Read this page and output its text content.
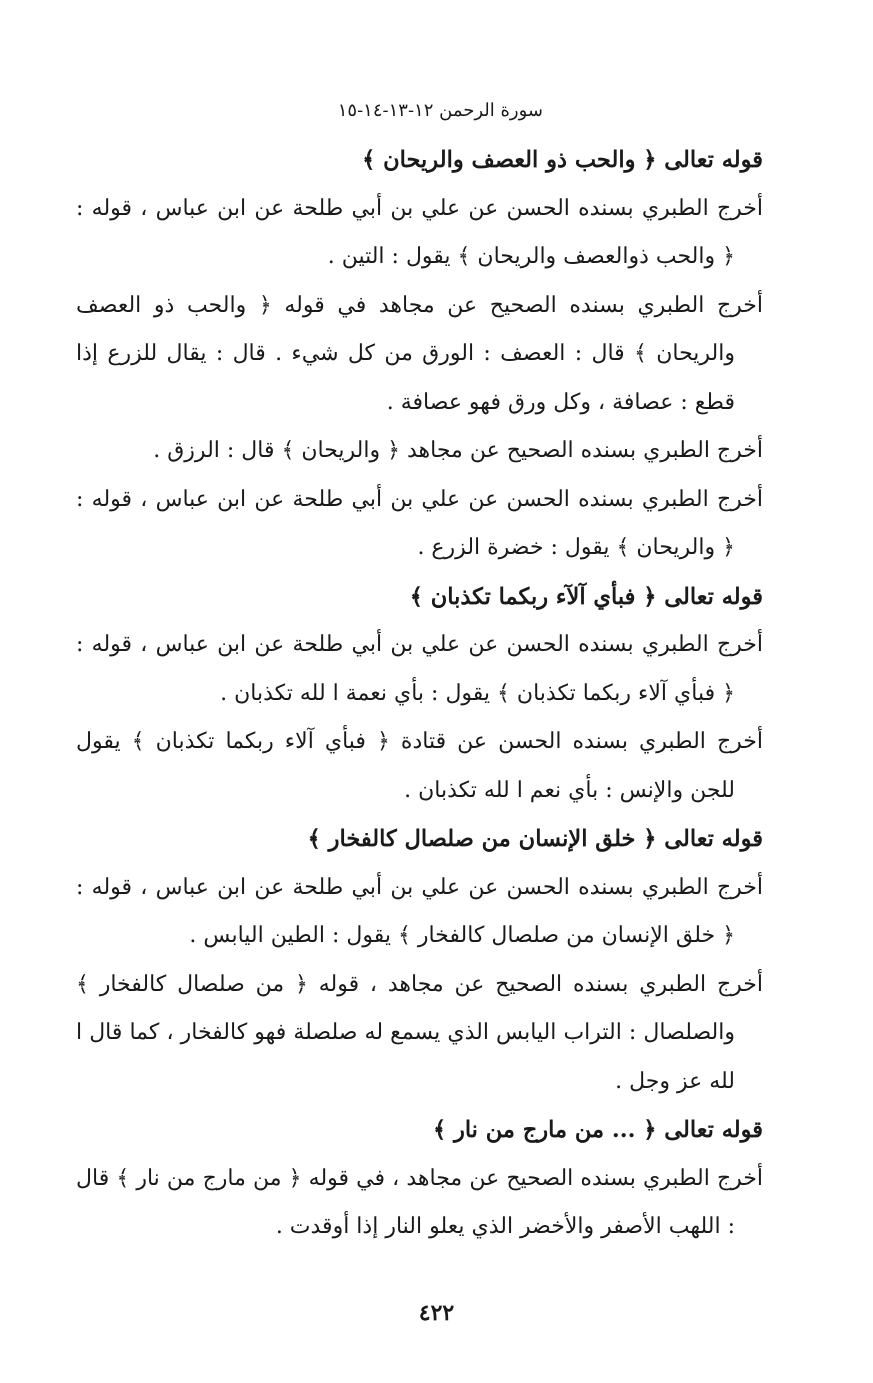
سورة الرحمن ١٢-١٣-١٤-١٥
قوله تعالى ﴿ والحب ذو العصف والريحان ﴾

أخرج الطبري بسنده الحسن عن علي بن أبي طلحة عن ابن عباس ، قوله : ﴿ والحب ذوالعصف والريحان ﴾ يقول : التين .

أخرج الطبري بسنده الصحيح عن مجاهد في قوله ﴿ والحب ذو العصف والريحان ﴾ قال : العصف : الورق من كل شيء . قال : يقال للزرع إذا قطع : عصافة ، وكل ورق فهو عصافة .

أخرج الطبري بسنده الصحيح عن مجاهد ﴿ والريحان ﴾ قال : الرزق .

أخرج الطبري بسنده الحسن عن علي بن أبي طلحة عن ابن عباس ، قوله : ﴿ والريحان ﴾ يقول : خضرة الزرع .

قوله تعالى ﴿ فبأي آلآء ربكما تكذبان ﴾

أخرج الطبري بسنده الحسن عن علي بن أبي طلحة عن ابن عباس ، قوله : ﴿ فبأي آلاء ربكما تكذبان ﴾ يقول : بأي نعمة ا لله تكذبان .

أخرج الطبري بسنده الحسن عن قتادة ﴿ فبأي آلاء ربكما تكذبان ﴾ يقول للجن والإنس : بأي نعم ا لله تكذبان .

قوله تعالى ﴿ خلق الإنسان من صلصال كالفخار ﴾

أخرج الطبري بسنده الحسن عن علي بن أبي طلحة عن ابن عباس ، قوله : ﴿ خلق الإنسان من صلصال كالفخار ﴾ يقول : الطين اليابس .

أخرج الطبري بسنده الصحيح عن مجاهد ، قوله ﴿ من صلصال كالفخار ﴾ والصلصال : التراب اليابس الذي يسمع له صلصلة فهو كالفخار ، كما قال ا لله عز وجل .

قوله تعالى ﴿ ... من مارج من نار ﴾

أخرج الطبري بسنده الصحيح عن مجاهد ، في قوله ﴿ من مارج من نار ﴾ قال : اللهب الأصفر والأخضر الذي يعلو النار إذا أوقدت .

٤٢٢
